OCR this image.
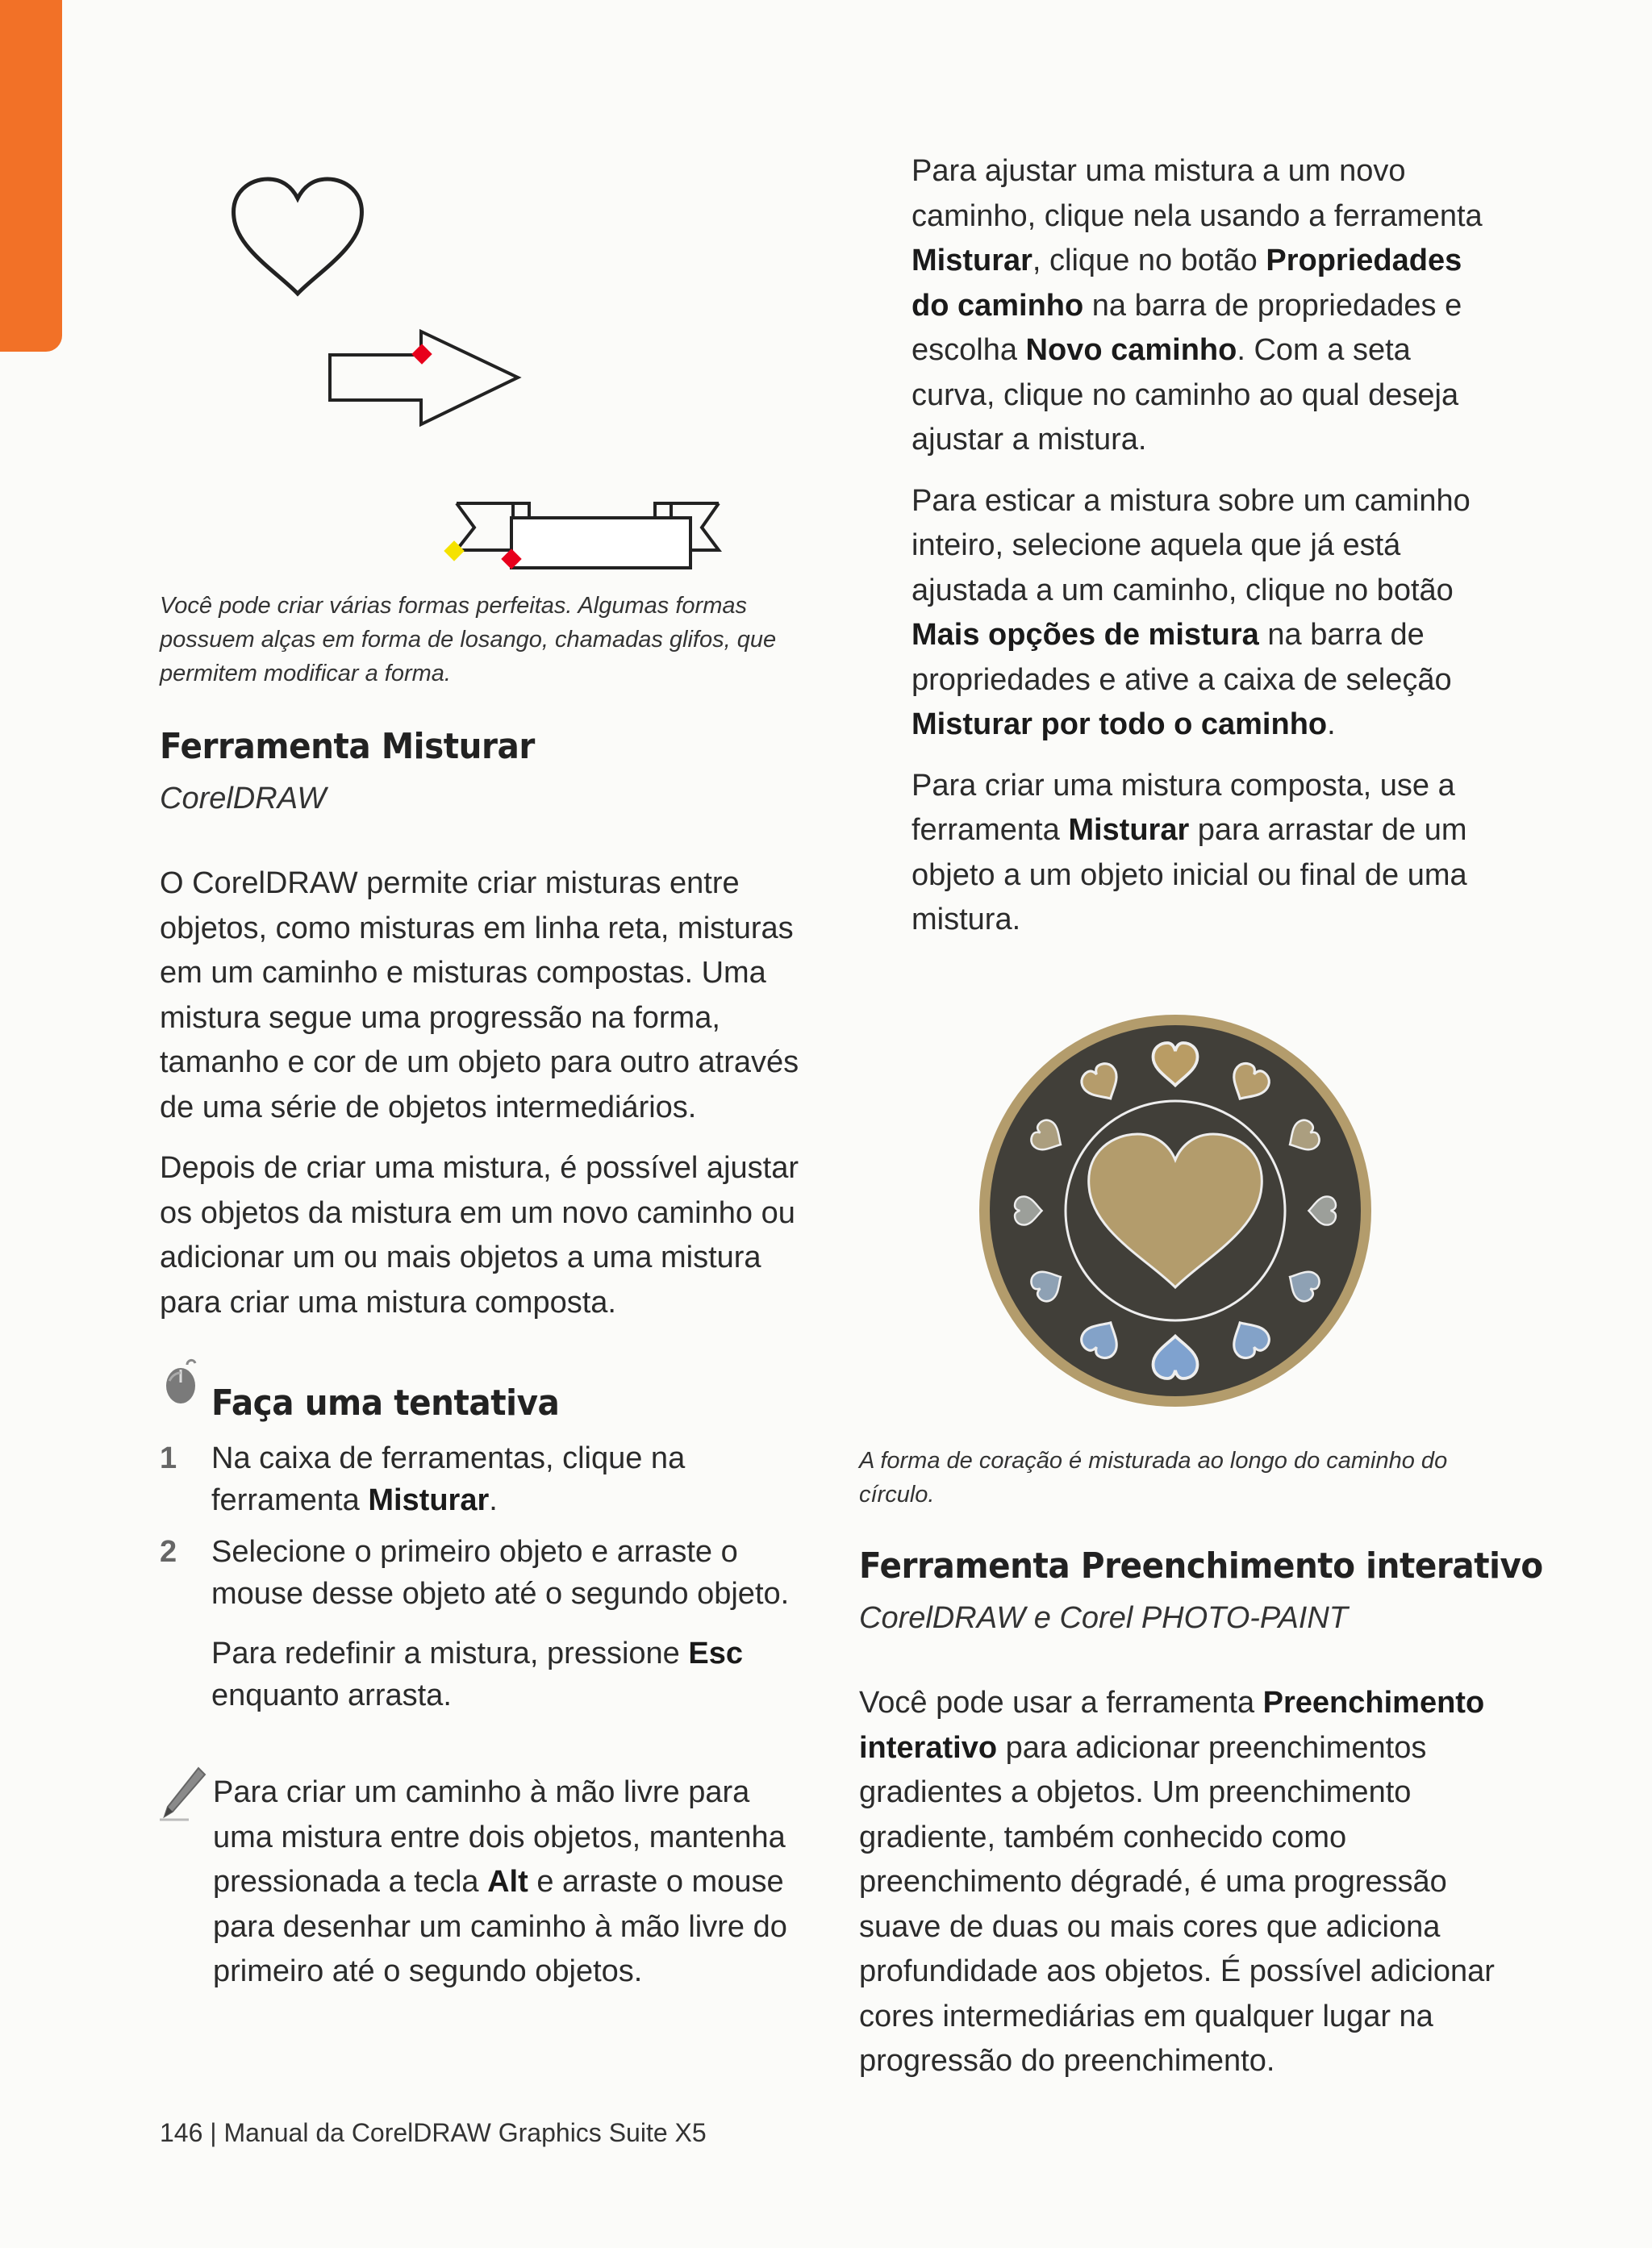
Você pode criar várias formas perfeitas. Algumas formas possuem alças em forma de losango, chamadas glifos, que permitem modificar a forma.

Ferramenta Misturar

CorelDRAW

O CorelDRAW permite criar misturas entre objetos, como misturas em linha reta, misturas em um caminho e misturas compostas. Uma mistura segue uma progressão na forma, tamanho e cor de um objeto para outro através de uma série de objetos intermediários.

Depois de criar uma mistura, é possível ajustar os objetos da mistura em um novo caminho ou adicionar um ou mais objetos a uma mistura para criar uma mistura composta.

Faça uma tentativa

1 Na caixa de ferramentas, clique na ferramenta Misturar.
2 Selecione o primeiro objeto e arraste o mouse desse objeto até o segundo objeto.
Para redefinir a mistura, pressione Esc enquanto arrasta.

Para criar um caminho à mão livre para uma mistura entre dois objetos, mantenha pressionada a tecla Alt e arraste o mouse para desenhar um caminho à mão livre do primeiro até o segundo objetos.

Para ajustar uma mistura a um novo caminho, clique nela usando a ferramenta Misturar, clique no botão Propriedades do caminho na barra de propriedades e escolha Novo caminho. Com a seta curva, clique no caminho ao qual deseja ajustar a mistura.

Para esticar a mistura sobre um caminho inteiro, selecione aquela que já está ajustada a um caminho, clique no botão Mais opções de mistura na barra de propriedades e ative a caixa de seleção Misturar por todo o caminho.

Para criar uma mistura composta, use a ferramenta Misturar para arrastar de um objeto a um objeto inicial ou final de uma mistura.

A forma de coração é misturada ao longo do caminho do círculo.

Ferramenta Preenchimento interativo

CorelDRAW e Corel PHOTO-PAINT

Você pode usar a ferramenta Preenchimento interativo para adicionar preenchimentos gradientes a objetos. Um preenchimento gradiente, também conhecido como preenchimento dégradé, é uma progressão suave de duas ou mais cores que adiciona profundidade aos objetos. É possível adicionar cores intermediárias em qualquer lugar na progressão do preenchimento.

146 | Manual da CorelDRAW Graphics Suite X5
